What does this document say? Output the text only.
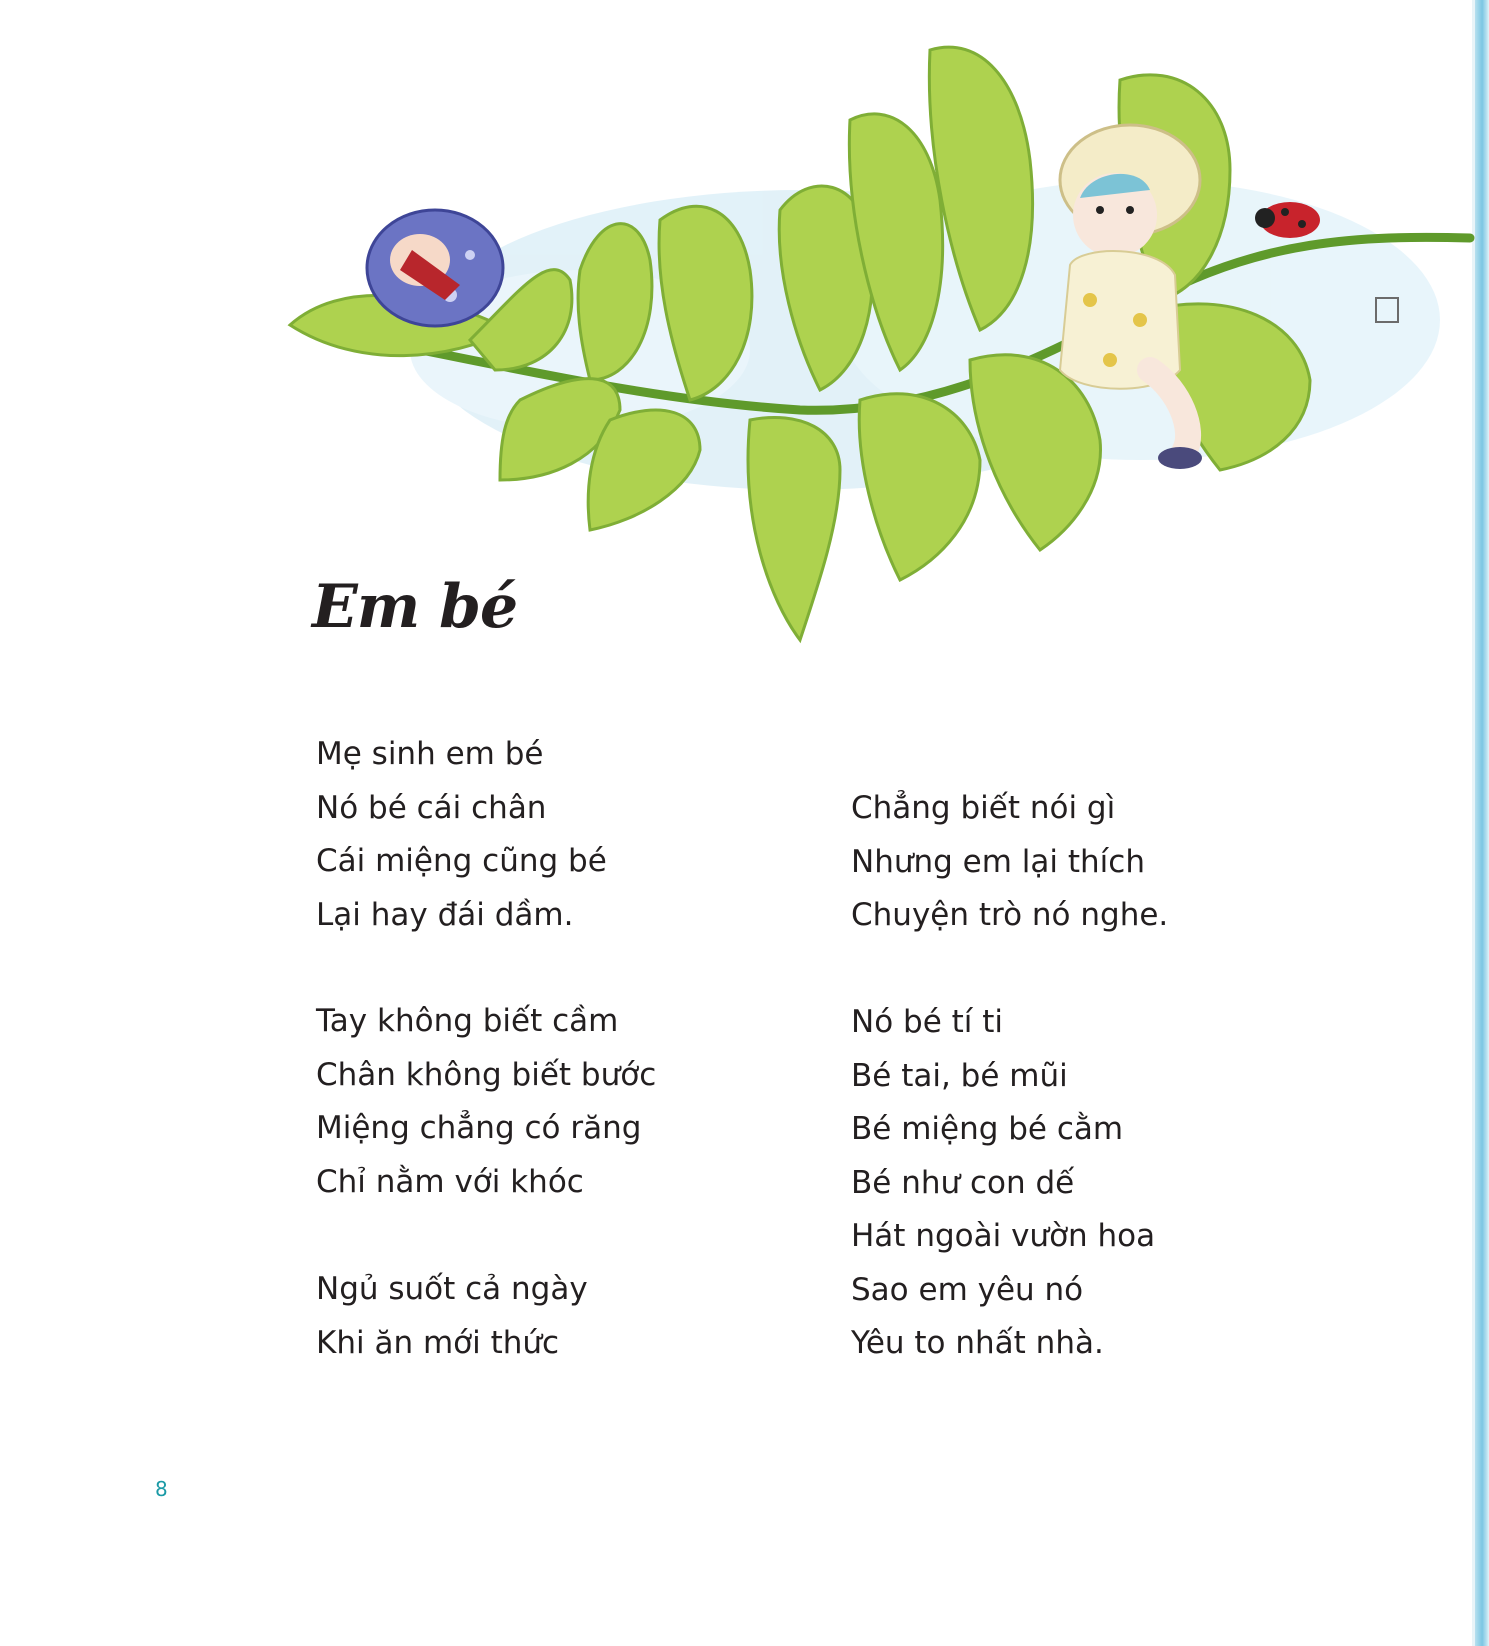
Em bé
Mẹ sinh em bé
Nó bé cái chân
Cái miệng cũng bé
Lại hay đái dầm.
Tay không biết cầm
Chân không biết bước
Miệng chẳng có răng
Chỉ nằm với khóc
Ngủ suốt cả ngày
Khi ăn mới thức
Chẳng biết nói gì
Nhưng em lại thích
Chuyện trò nó nghe.
Nó bé tí ti
Bé tai, bé mũi
Bé miệng bé cằm
Bé như con dế
Hát ngoài vườn hoa
Sao em yêu nó
Yêu to nhất nhà.
8
